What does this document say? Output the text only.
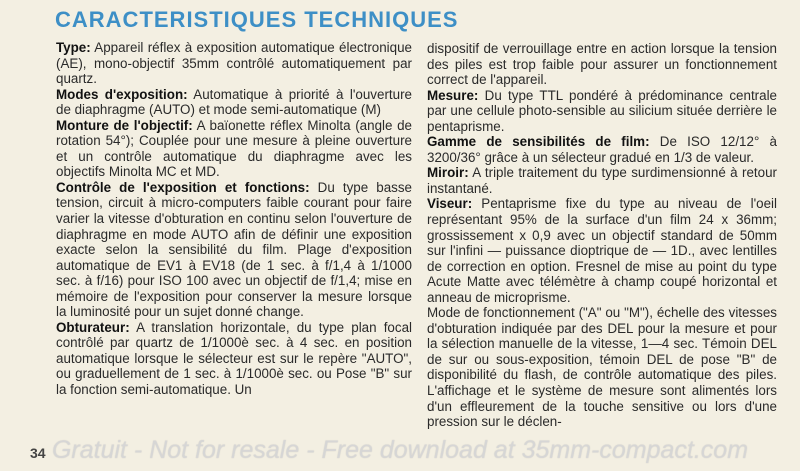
CARACTERISTIQUES TECHNIQUES

Type: Appareil réflex à exposition automatique électronique (AE), mono-objectif 35mm contrôlé automatiquement par quartz.

Modes d'exposition: Automatique à priorité à l'ouverture de diaphragme (AUTO) et mode semi-automatique (M)

Monture de l'objectif: A baïonette réflex Minolta (angle de rotation 54°); Couplée pour une mesure à pleine ouverture et un contrôle automatique du diaphragme avec les objectifs Minolta MC et MD.

Contrôle de l'exposition et fonctions: Du type basse tension, circuit à micro-computers faible courant pour faire varier la vitesse d'obturation en continu selon l'ouverture de diaphragme en mode AUTO afin de définir une exposition exacte selon la sensibilité du film. Plage d'exposition automatique de EV1 à EV18 (de 1 sec. à f/1,4 à 1/1000 sec. à f/16) pour ISO 100 avec un objectif de f/1,4; mise en mémoire de l'exposition pour conserver la mesure lorsque la luminosité pour un sujet donné change.

Obturateur: A translation horizontale, du type plan focal contrôlé par quartz de 1/1000è sec. à 4 sec. en position automatique lorsque le sélecteur est sur le repère "AUTO", ou graduellement de 1 sec. à 1/1000è sec. ou Pose "B" sur la fonction semi-automatique. Un

dispositif de verrouillage entre en action lorsque la tension des piles est trop faible pour assurer un fonctionnement correct de l'appareil.

Mesure: Du type TTL pondéré à prédominance centrale par une cellule photo-sensible au silicium située derrière le pentaprisme.

Gamme de sensibilités de film: De ISO 12/12° à 3200/36° grâce à un sélecteur gradué en 1/3 de valeur.

Miroir: A triple traitement du type surdimensionné à retour instantané.

Viseur: Pentaprisme fixe du type au niveau de l'oeil représentant 95% de la surface d'un film 24 x 36mm; grossissement x 0,9 avec un objectif standard de 50mm sur l'infini — puissance dioptrique de — 1D., avec lentilles de correction en option. Fresnel de mise au point du type Acute Matte avec télémètre à champ coupé horizontal et anneau de microprisme.

Mode de fonctionnement ("A" ou "M"), échelle des vitesses d'obturation indiquée par des DEL pour la mesure et pour la sélection manuelle de la vitesse, 1—4 sec. Témoin DEL de sur ou sous-exposition, témoin DEL de pose "B" de disponibilité du flash, de contrôle automatique des piles. L'affichage et le système de mesure sont alimentés lors d'un effleurement de la touche sensitive ou lors d'une pression sur le déclen-

34 Gratuit - Not for resale - Free download at 35mm-compact.com
